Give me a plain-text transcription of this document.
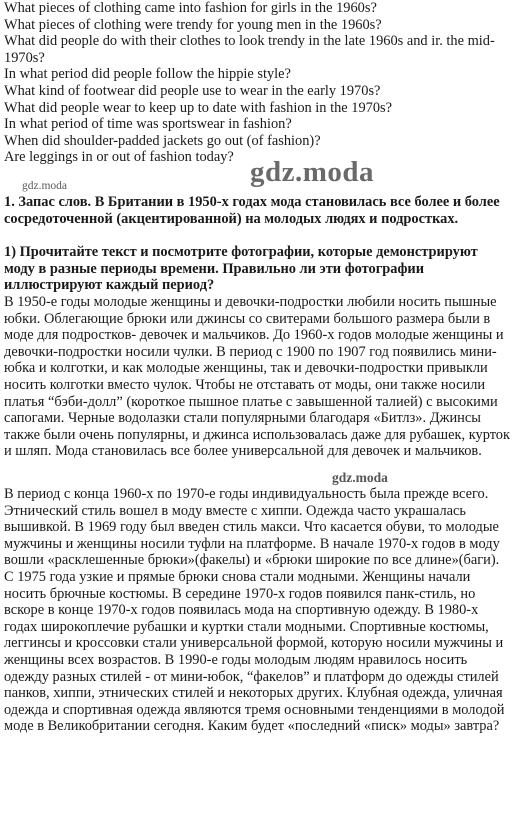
What pieces of clothing came into fashion for girls in the 1960s?
What pieces of clothing were trendy for young men in the 1960s?
What did people do with their clothes to look trendy in the late 1960s and ir. the mid-1970s?
In what period did people follow the hippie style?
What kind of footwear did people use to wear in the early 1970s?
What did people wear to keep up to date with fashion in the 1970s?
In what period of time was sportswear in fashion?
When did shoulder-padded jackets go out (of fashion)?
Are leggings in or out of fashion today? gdz.moda
gdz.moda

1. Запас слов. В Британии в 1950-х годах мода становилась все более и более сосредоточенной (акцентированной) на молодых людях и подростках.

1) Прочитайте текст и посмотрите фотографии, которые демонстрируют моду в разные периоды времени. Правильно ли эти фотографии иллюстрируют каждый период?

В 1950-е годы молодые женщины и девочки-подростки любили носить пышные юбки. Облегающие брюки или джинсы со свитерами большого размера были в моде для подростков- девочек и мальчиков. До 1960-х годов молодые женщины и девочки-подростки носили чулки. В период с 1900 по 1907 год появились мини-юбка и колготки, и как молодые женщины, так и девочки-подростки привыкли носить колготки вместо чулок. Чтобы не отставать от моды, они также носили платья “бэби-долл” (короткое пышное платье с завышенной талией) с высокими сапогами. Черные водолазки стали популярными благодаря «Битлз». Джинсы также были очень популярны, и джинса использовалась даже для рубашек, курток и шляп. Мода становилась все более универсальной для девочек и мальчиков.

gdz.moda

В период с конца 1960-х по 1970-е годы индивидуальность была прежде всего. Этнический стиль вошел в моду вместе с хиппи. Одежда часто украшалась вышивкой. В 1969 году был введен стиль макси. Что касается обуви, то молодые мужчины и женщины носили туфли на платформе. В начале 1970-х годов в моду вошли «расклешенные брюки»(факелы) и «брюки широкие по все длине»(баги). С 1975 года узкие и прямые брюки снова стали модными. Женщины начали носить брючные костюмы. В середине 1970-х годов появился панк-стиль, но вскоре в конце 1970-х годов появилась мода на спортивную одежду. В 1980-х годах широкоплечие рубашки и куртки стали модными. Спортивные костюмы, леггинсы и кроссовки стали универсальной формой, которую носили мужчины и женщины всех возрастов. В 1990-е годы молодым людям нравилось носить одежду разных стилей - от мини-юбок, “факелов” и платформ до одежды стилей панков, хиппи, этнических стилей и некоторых других. Клубная одежда, уличная одежда и спортивная одежда являются тремя основными тенденциями в молодой моде в Великобритании сегодня. Каким будет «последний «писк» моды» завтра?
